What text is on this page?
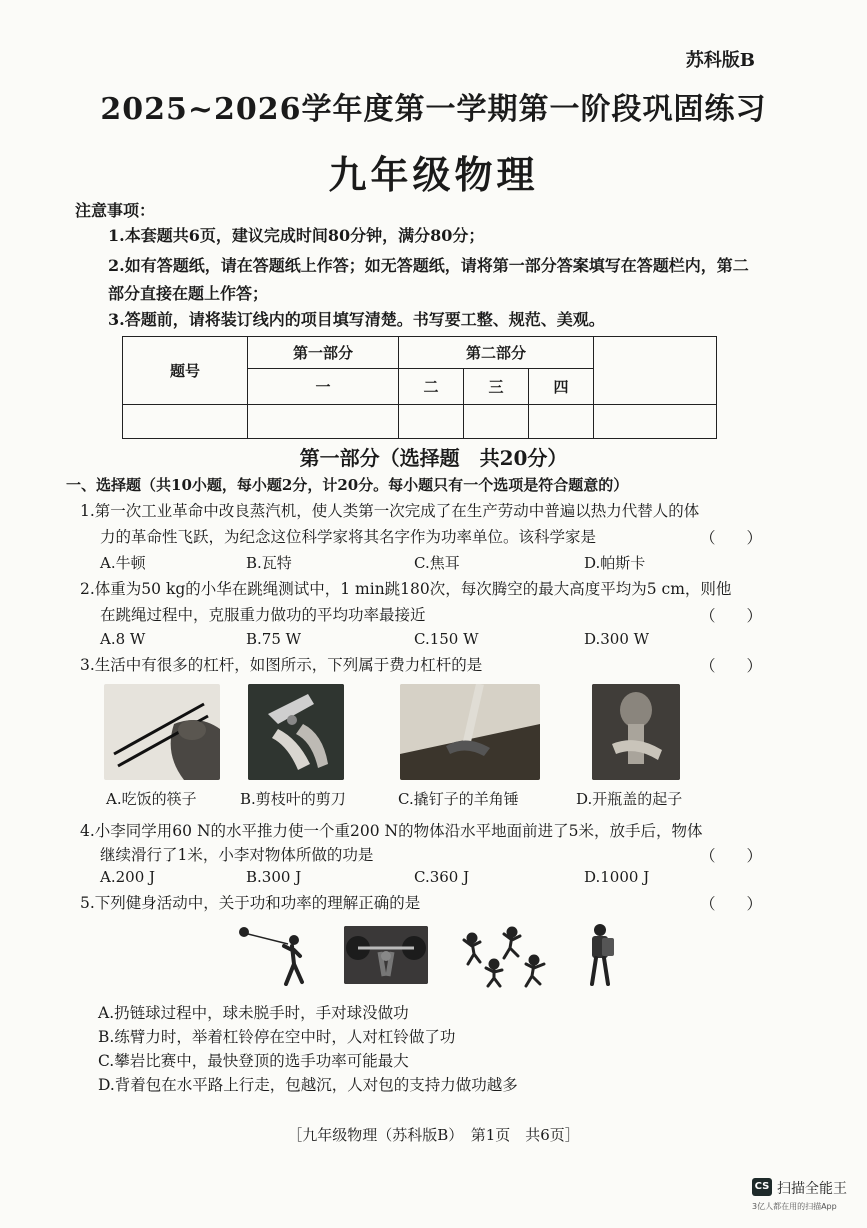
苏科版B
2025~2026学年度第一学期第一阶段巩固练习
九年级物理
注意事项：
1.本套题共6页，建议完成时间80分钟，满分80分；
2.如有答题纸，请在答题纸上作答；如无答题纸，请将第一部分答案填写在答题栏内，第二
部分直接在题上作答；
3.答题前，请将装订线内的项目填写清楚。书写要工整、规范、美观。
题号	第一部分	第二部分			
	一	二	三	四	

第一部分（选择题　共20分）
一、选择题（共10小题，每小题2分，计20分。每小题只有一个选项是符合题意的）
1.第一次工业革命中改良蒸汽机，使人类第一次完成了在生产劳动中普遍以热力代替人的体
力的革命性飞跃，为纪念这位科学家将其名字作为功率单位。该科学家是	（　　）
A.牛顿	B.瓦特	C.焦耳	D.帕斯卡
2.体重为50 kg的小华在跳绳测试中，1 min跳180次，每次腾空的最大高度平均为5 cm，则他
在跳绳过程中，克服重力做功的平均功率最接近	（　　）
A.8 W	B.75 W	C.150 W	D.300 W
3.生活中有很多的杠杆，如图所示，下列属于费力杠杆的是	（　　）
A.吃饭的筷子	B.剪枝叶的剪刀	C.撬钉子的羊角锤	D.开瓶盖的起子
4.小李同学用60 N的水平推力使一个重200 N的物体沿水平地面前进了5米，放手后，物体
继续滑行了1米，小李对物体所做的功是	（　　）
A.200 J	B.300 J	C.360 J	D.1000 J
5.下列健身活动中，关于功和功率的理解正确的是	（　　）
A.扔链球过程中，球未脱手时，手对球没做功
B.练臂力时，举着杠铃停在空中时，人对杠铃做了功
C.攀岩比赛中，最快登顶的选手功率可能最大
D.背着包在水平路上行走，包越沉，人对包的支持力做功越多
［九年级物理（苏科版B）　第1页　共6页］
CS 扫描全能王
3亿人都在用的扫描App
